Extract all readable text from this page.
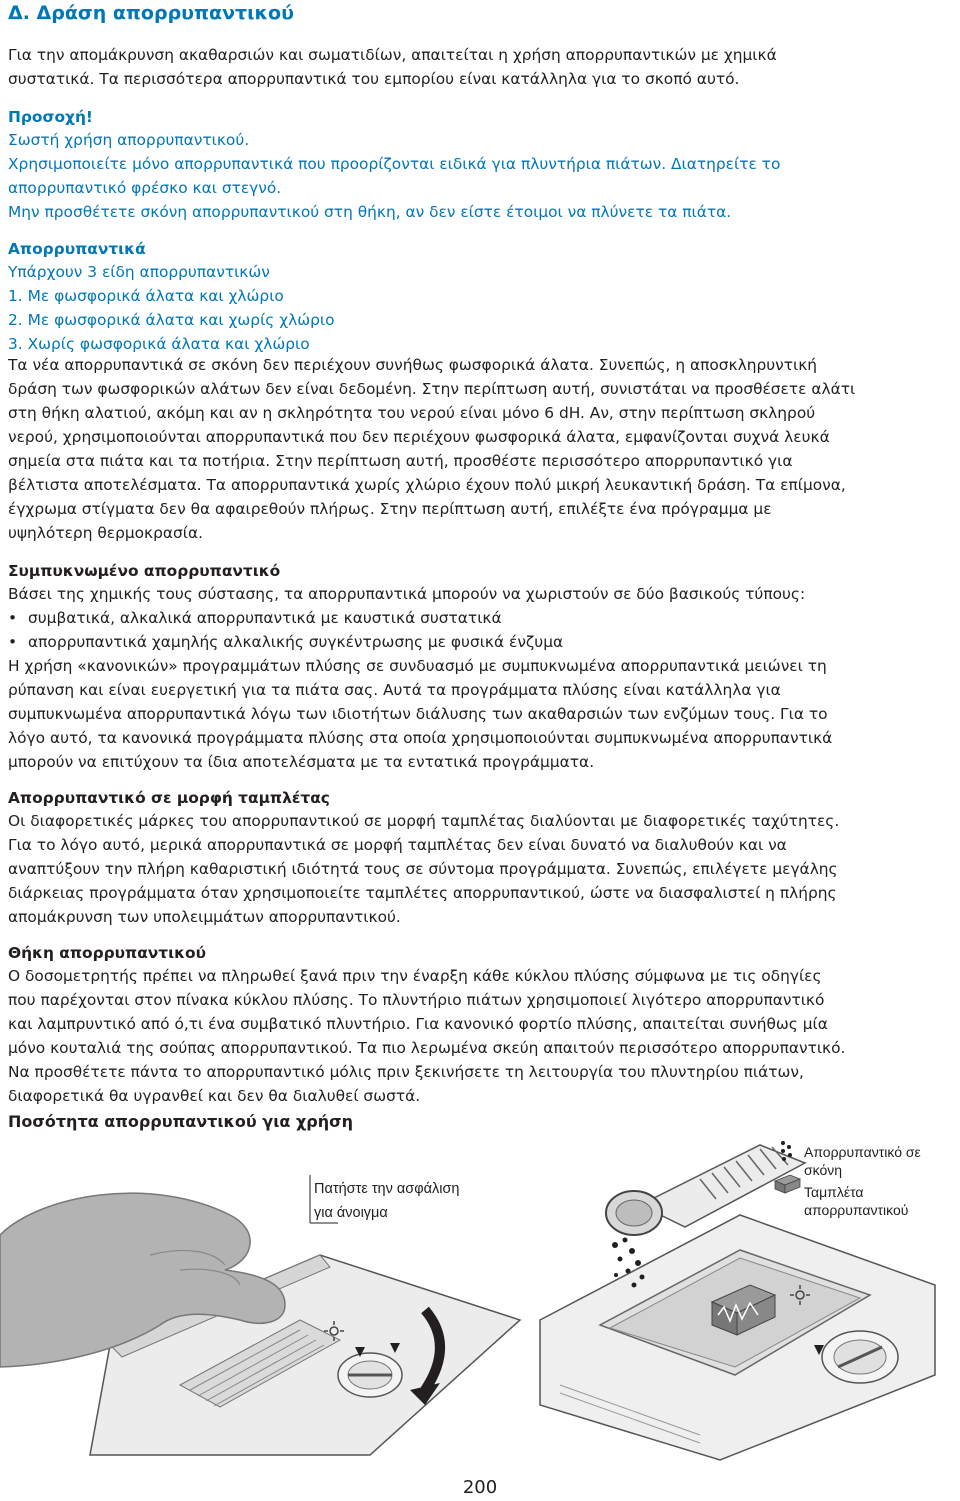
Δ. Δράση απορρυπαντικού

Για την απομάκρυνση ακαθαρσιών και σωματιδίων, απαιτείται η χρήση απορρυπαντικών με χημικά

συστατικά. Τα περισσότερα απορρυπαντικά του εμπορίου είναι κατάλληλα για το σκοπό αυτό.

Προσοχή!

Σωστή χρήση απορρυπαντικού.

Χρησιμοποιείτε μόνο απορρυπαντικά που προορίζονται ειδικά για πλυντήρια πιάτων. Διατηρείτε το

απορρυπαντικό φρέσκο και στεγνό.

Μην προσθέτετε σκόνη απορρυπαντικού στη θήκη, αν δεν είστε έτοιμοι να πλύνετε τα πιάτα.

Απορρυπαντικά

Υπάρχουν 3 είδη απορρυπαντικών

1. Με φωσφορικά άλατα και χλώριο

2. Με φωσφορικά άλατα και χωρίς χλώριο

3. Χωρίς φωσφορικά άλατα και χλώριο

Τα νέα απορρυπαντικά σε σκόνη δεν περιέχουν συνήθως φωσφορικά άλατα. Συνεπώς, η αποσκληρυντική

δράση των φωσφορικών αλάτων δεν είναι δεδομένη. Στην περίπτωση αυτή, συνιστάται να προσθέσετε αλάτι

στη θήκη αλατιού, ακόμη και αν η σκληρότητα του νερού είναι μόνο 6 dH. Αν, στην περίπτωση σκληρού

νερού, χρησιμοποιούνται απορρυπαντικά που δεν περιέχουν φωσφορικά άλατα, εμφανίζονται συχνά λευκά

σημεία στα πιάτα και τα ποτήρια. Στην περίπτωση αυτή, προσθέστε περισσότερο απορρυπαντικό για

βέλτιστα αποτελέσματα. Τα απορρυπαντικά χωρίς χλώριο έχουν πολύ μικρή λευκαντική δράση. Τα επίμονα,

έγχρωμα στίγματα δεν θα αφαιρεθούν πλήρως. Στην περίπτωση αυτή, επιλέξτε ένα πρόγραμμα με

υψηλότερη θερμοκρασία.

Συμπυκνωμένο απορρυπαντικό

Βάσει της χημικής τους σύστασης, τα απορρυπαντικά μπορούν να χωριστούν σε δύο βασικούς τύπους:

• συμβατικά, αλκαλικά απορρυπαντικά με καυστικά συστατικά

• απορρυπαντικά χαμηλής αλκαλικής συγκέντρωσης με φυσικά ένζυμα

Η χρήση «κανονικών» προγραμμάτων πλύσης σε συνδυασμό με συμπυκνωμένα απορρυπαντικά μειώνει τη

ρύπανση και είναι ευεργετική για τα πιάτα σας. Αυτά τα προγράμματα πλύσης είναι κατάλληλα για

συμπυκνωμένα απορρυπαντικά λόγω των ιδιοτήτων διάλυσης των ακαθαρσιών των ενζύμων τους. Για το

λόγο αυτό, τα κανονικά προγράμματα πλύσης στα οποία χρησιμοποιούνται συμπυκνωμένα απορρυπαντικά

μπορούν να επιτύχουν τα ίδια αποτελέσματα με τα εντατικά προγράμματα.

Απορρυπαντικό σε μορφή ταμπλέτας

Οι διαφορετικές μάρκες του απορρυπαντικού σε μορφή ταμπλέτας διαλύονται με διαφορετικές ταχύτητες.

Για το λόγο αυτό, μερικά απορρυπαντικά σε μορφή ταμπλέτας δεν είναι δυνατό να διαλυθούν και να

αναπτύξουν την πλήρη καθαριστική ιδιότητά τους σε σύντομα προγράμματα. Συνεπώς, επιλέγετε μεγάλης

διάρκειας προγράμματα όταν χρησιμοποιείτε ταμπλέτες απορρυπαντικού, ώστε να διασφαλιστεί η πλήρης

απομάκρυνση των υπολειμμάτων απορρυπαντικού.

Θήκη απορρυπαντικού

Ο δοσομετρητής πρέπει να πληρωθεί ξανά πριν την έναρξη κάθε κύκλου πλύσης σύμφωνα με τις οδηγίες

που παρέχονται στον πίνακα κύκλου πλύσης. Το πλυντήριο πιάτων χρησιμοποιεί λιγότερο απορρυπαντικό

και λαμπρυντικό από ό,τι ένα συμβατικό πλυντήριο. Για κανονικό φορτίο πλύσης, απαιτείται συνήθως μία

μόνο κουταλιά της σούπας απορρυπαντικού. Τα πιο λερωμένα σκεύη απαιτούν περισσότερο απορρυπαντικό.

Να προσθέτετε πάντα το απορρυπαντικό μόλις πριν ξεκινήσετε τη λειτουργία του πλυντηρίου πιάτων,

διαφορετικά θα υγρανθεί και δεν θα διαλυθεί σωστά.

Ποσότητα απορρυπαντικού για χρήση

Πατήστε την ασφάλιση

για άνοιγμα

Απορρυπαντικό σε

σκόνη

Ταμπλέτα

απορρυπαντικού

200
